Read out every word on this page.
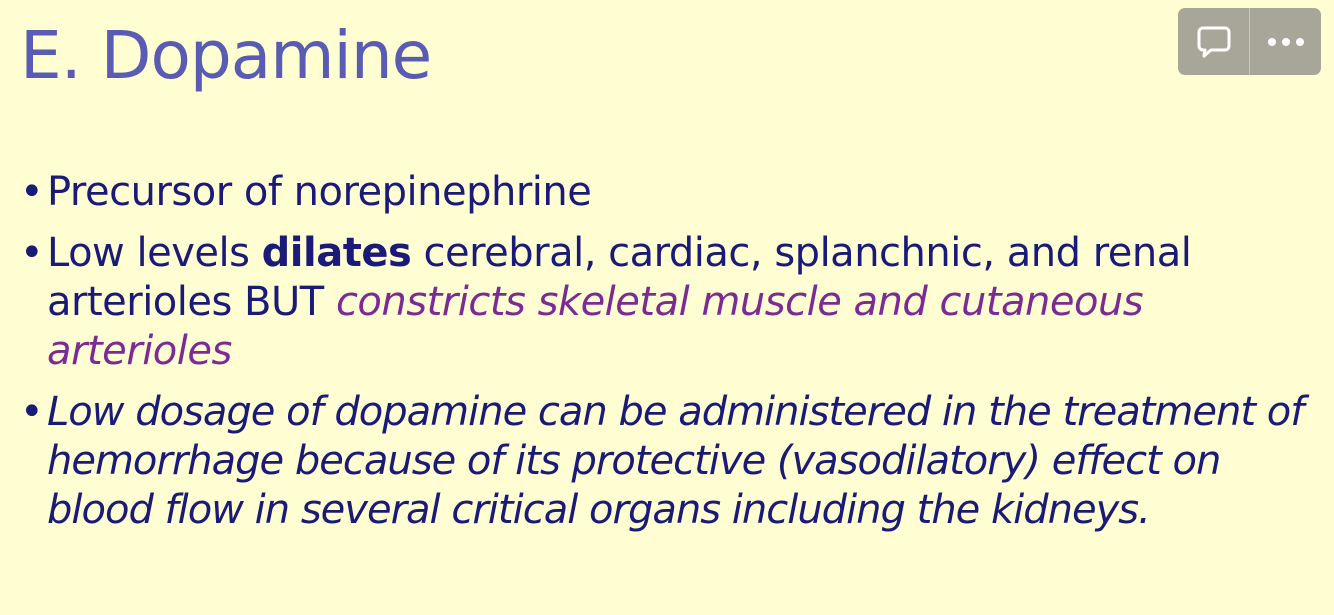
E. Dopamine
• Precursor of norepinephrine
• Low levels dilates cerebral, cardiac, splanchnic, and renal arterioles BUT constricts skeletal muscle and cutaneous arterioles
• Low dosage of dopamine can be administered in the treatment of hemorrhage because of its protective (vasodilatory) effect on blood flow in several critical organs including the kidneys.
